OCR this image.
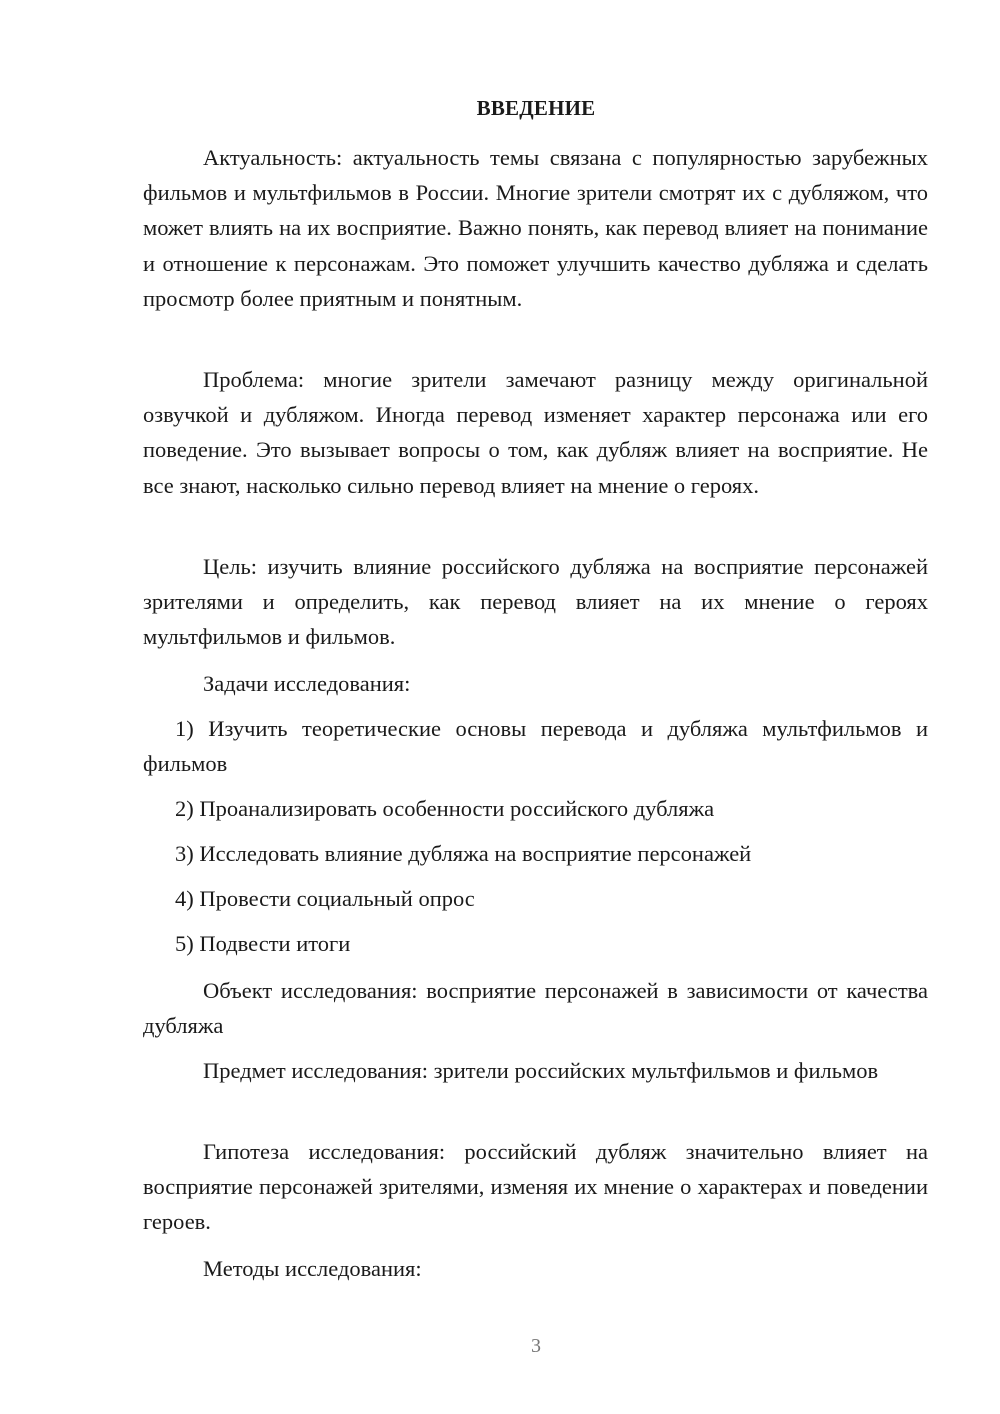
ВВЕДЕНИЕ

Актуальность: актуальность темы связана с популярностью зарубежных фильмов и мультфильмов в России. Многие зрители смотрят их с дубляжом, что может влиять на их восприятие. Важно понять, как перевод влияет на понимание и отношение к персонажам. Это поможет улучшить качество дубляжа и сделать просмотр более приятным и понятным.

Проблема: многие зрители замечают разницу между оригинальной озвучкой и дубляжом. Иногда перевод изменяет характер персонажа или его поведение. Это вызывает вопросы о том, как дубляж влияет на восприятие. Не все знают, насколько сильно перевод влияет на мнение о героях.

Цель: изучить влияние российского дубляжа на восприятие персонажей зрителями и определить, как перевод влияет на их мнение о героях мультфильмов и фильмов.

Задачи исследования:

1) Изучить теоретические основы перевода и дубляжа мультфильмов и фильмов

2) Проанализировать особенности российского дубляжа

3) Исследовать влияние дубляжа на восприятие персонажей

4) Провести социальный опрос

5) Подвести итоги

Объект исследования: восприятие персонажей в зависимости от качества дубляжа

Предмет исследования: зрители российских мультфильмов и фильмов

Гипотеза исследования: российский дубляж значительно влияет на восприятие персонажей зрителями, изменяя их мнение о характерах и поведении героев.

Методы исследования:

3
